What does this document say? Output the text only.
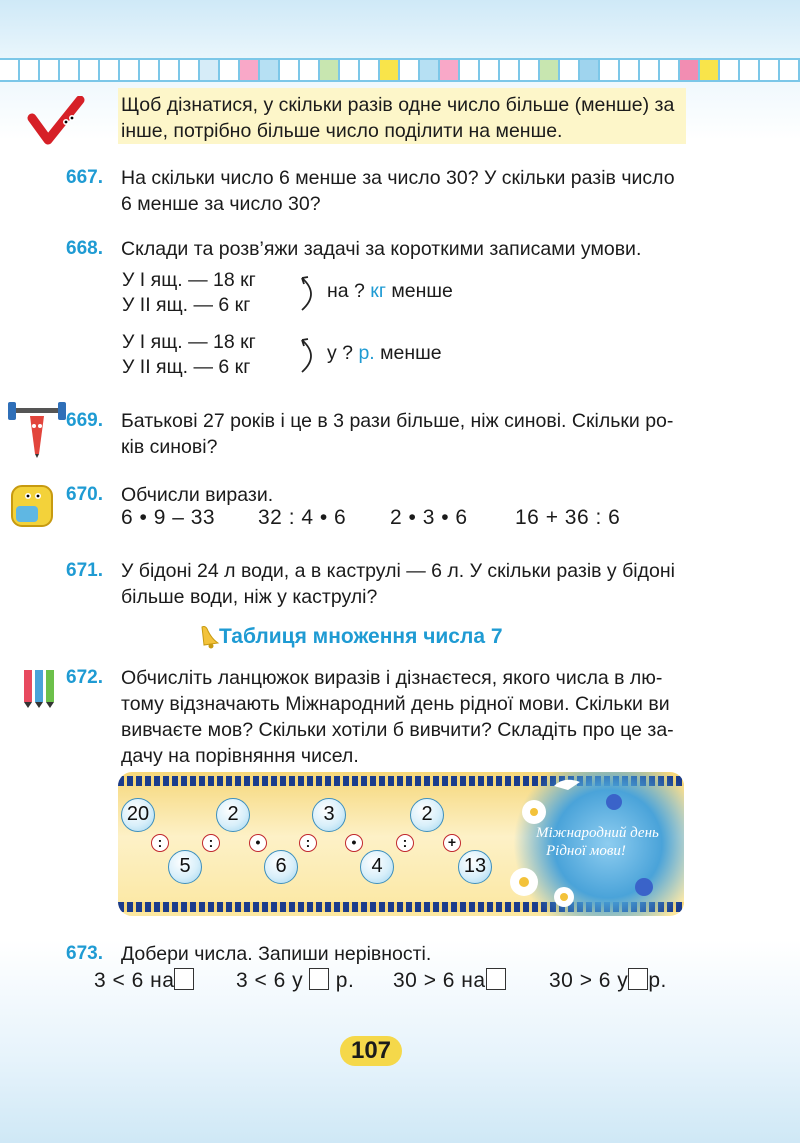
Щоб дізнатися, у скільки разів одне число більше (менше) за
інше, потрібно більше число поділити на менше.
667. На скільки число 6 менше за число 30? У скільки разів число
6 менше за число 30?
668. Склади та розв’яжи задачі за короткими записами умови.
У І ящ. — 18 кг
У ІІ ящ. — 6 кг
на ? кг менше
У І ящ. — 18 кг
У ІІ ящ. — 6 кг
у ? р. менше
669. Батькові 27 років і це в 3 рази більше, ніж синові. Скільки ро-
ків синові?
670. Обчисли вирази.
6 • 9 – 33 32 : 4 • 6 2 • 3 • 6 16 + 36 : 6
671. У бідоні 24 л води, а в каструлі — 6 л. У скільки разів у бідоні
більше води, ніж у каструлі?
Таблиця множення числа 7
672. Обчисліть ланцюжок виразів і дізнаєтеся, якого числа в лю-
тому відзначають Міжнародний день рідної мови. Скільки ви
вивчаєте мов? Скільки хотіли б вивчити? Складіть про це за-
дачу на порівняння чисел.
Міжнародний день
Рідної мови!
20	2	3	2
5	6	4	13
:	:	•	:	•	:	+
673. Добери числа. Запиши нерівності.
3 < 6 на	3 < 6 у  р. 30 > 6 на	30 > 6 у р.
107
